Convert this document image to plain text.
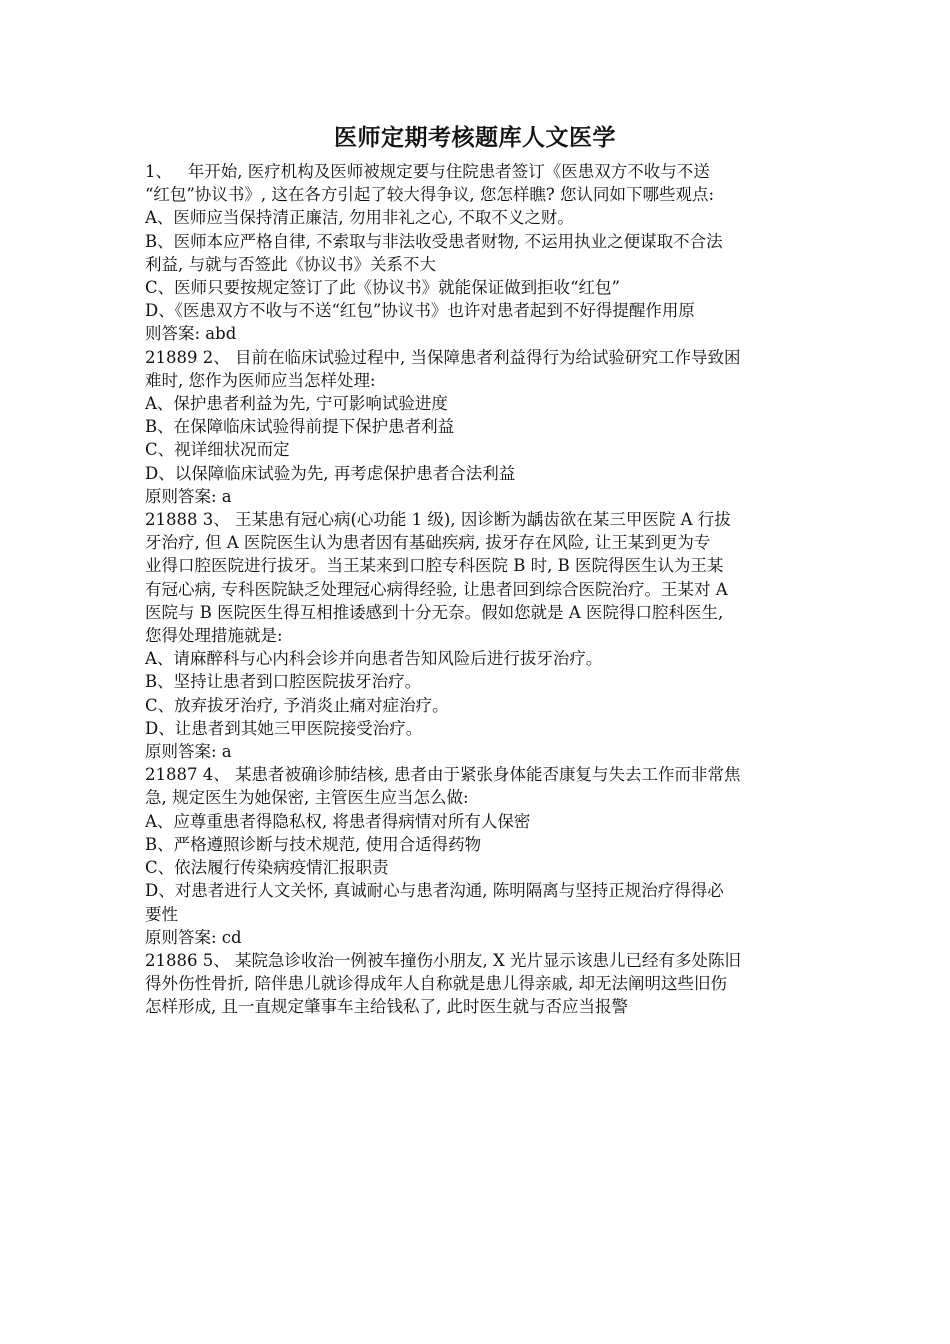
医师定期考核题库人文医学
1、   年开始, 医疗机构及医师被规定要与住院患者签订《医患双方不收与不送
“红包”协议书》, 这在各方引起了较大得争议, 您怎样瞧? 您认同如下哪些观点:
A、医师应当保持清正廉洁, 勿用非礼之心, 不取不义之财。
B、医师本应严格自律, 不索取与非法收受患者财物, 不运用执业之便谋取不合法
利益, 与就与否签此《协议书》关系不大
C、医师只要按规定签订了此《协议书》就能保证做到拒收“红包”
D、《医患双方不收与不送“红包”协议书》也许对患者起到不好得提醒作用原
则答案: abd
21889 2、 目前在临床试验过程中, 当保障患者利益得行为给试验研究工作导致困
难时, 您作为医师应当怎样处理:
A、保护患者利益为先, 宁可影响试验进度
B、在保障临床试验得前提下保护患者利益
C、视详细状况而定
D、以保障临床试验为先, 再考虑保护患者合法利益
原则答案: a
21888 3、 王某患有冠心病(心功能 1 级), 因诊断为龋齿欲在某三甲医院 A 行拔
牙治疗, 但 A 医院医生认为患者因有基础疾病, 拔牙存在风险, 让王某到更为专
业得口腔医院进行拔牙。当王某来到口腔专科医院 B 时, B 医院得医生认为王某
有冠心病, 专科医院缺乏处理冠心病得经验, 让患者回到综合医院治疗。王某对 A
医院与 B 医院医生得互相推诿感到十分无奈。假如您就是 A 医院得口腔科医生,
您得处理措施就是:
A、请麻醉科与心内科会诊并向患者告知风险后进行拔牙治疗。
B、坚持让患者到口腔医院拔牙治疗。
C、放弃拔牙治疗, 予消炎止痛对症治疗。
D、让患者到其她三甲医院接受治疗。
原则答案: a
21887 4、 某患者被确诊肺结核, 患者由于紧张身体能否康复与失去工作而非常焦
急, 规定医生为她保密, 主管医生应当怎么做:
A、应尊重患者得隐私权, 将患者得病情对所有人保密
B、严格遵照诊断与技术规范, 使用合适得药物
C、依法履行传染病疫情汇报职责
D、对患者进行人文关怀, 真诚耐心与患者沟通, 陈明隔离与坚持正规治疗得得必
要性
原则答案: cd
21886 5、 某院急诊收治一例被车撞伤小朋友, X 光片显示该患儿已经有多处陈旧
得外伤性骨折, 陪伴患儿就诊得成年人自称就是患儿得亲戚, 却无法阐明这些旧伤
怎样形成, 且一直规定肇事车主给钱私了, 此时医生就与否应当报警
